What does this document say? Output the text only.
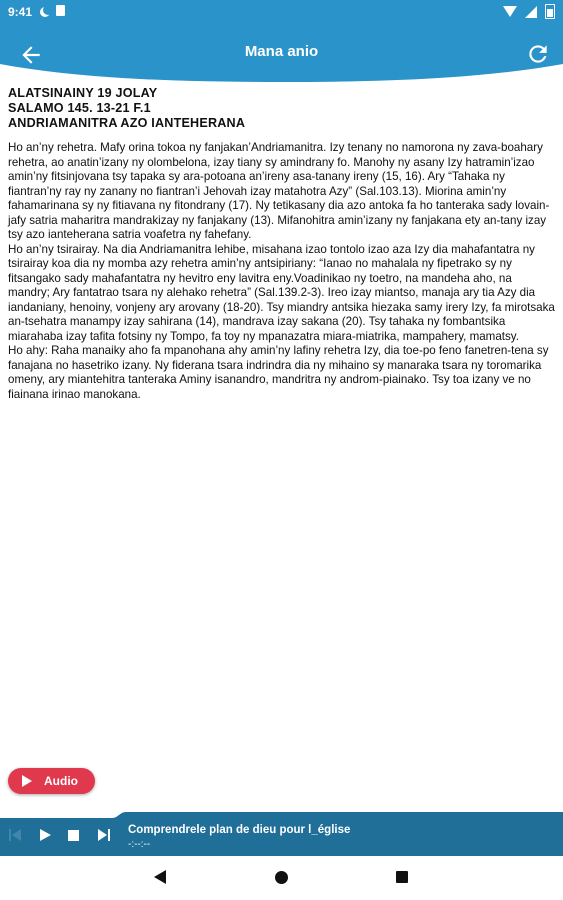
9:41
Mana anio
ALATSINAINY 19 JOLAY
SALAMO 145. 13-21 F.1
ANDRIAMANITRA AZO IANTEHERANA

Ho an’ny rehetra. Mafy orina tokoa ny fanjakan’Andriamanitra. Izy tenany no namorona ny zava-boahary rehetra, ao anatin’izany ny olombelona, izay tiany sy amindrany fo. Manohy ny asany Izy hatramin’izao amin’ny fitsinjovana tsy tapaka sy ara-potoana an’ireny asa-tanany ireny (15, 16). Ary “Tahaka ny fiantran’ny ray ny zanany no fiantran’i Jehovah izay matahotra Azy” (Sal.103.13). Miorina amin’ny fahamarinana sy ny fitiavana ny fitondrany (17). Ny tetikasany dia azo antoka fa ho tanteraka sady lovain-jafy satria maharitra mandrakizay ny fanjakany (13). Mifanohitra amin’izany ny fanjakana ety an-tany izay tsy azo ianteherana satria voafetra ny fahefany.

Ho an’ny tsirairay. Na dia Andriamanitra lehibe, misahana izao tontolo izao aza Izy dia mahafantatra ny tsirairay koa dia ny momba azy rehetra amin’ny antsipiriany: “Ianao no mahalala ny fipetrako sy ny fitsangako sady mahafantatra ny hevitro eny lavitra eny.Voadinikao ny toetro, na mandeha aho, na mandry; Ary fantatrao tsara ny alehako rehetra” (Sal.139.2-3). Ireo izay miantso, manaja ary tia Azy dia iandaniany, henoiny, vonjeny ary arovany (18-20). Tsy miandry antsika hiezaka samy irery Izy, fa mirotsaka an-tsehatra manampy izay sahirana (14), mandrava izay sakana (20). Tsy tahaka ny fombantsika miarahaba izay tafita fotsiny ny Tompo, fa toy ny mpanazatra miara-miatrika, mampahery, mamatsy.

Ho ahy: Raha manaiky aho fa mpanohana ahy amin’ny lafiny rehetra Izy, dia toe-po feno fanetren-tena sy fanajana no hasetriko izany. Ny fiderana tsara indrindra dia ny mihaino sy manaraka tsara ny toromarika omeny, ary miantehitra tanteraka Aminy isanandro, mandritra ny androm-piainako. Tsy toa izany ve no fiainana irinao manokana.

Audio
Comprendrele plan de dieu pour l_église
-:--:--
